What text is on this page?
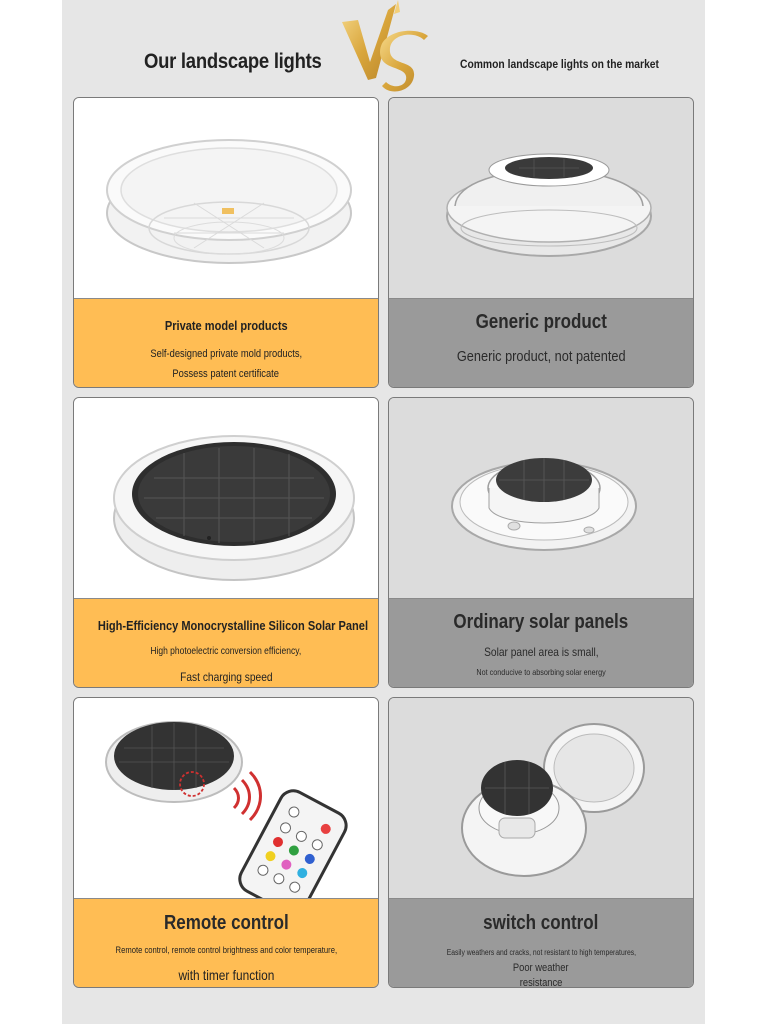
Our landscape lights	Common landscape lights on the market
Private model products
Self-designed private mold products,
Possess patent certificate
Generic product
Generic product, not patented
High-Efficiency Monocrystalline Silicon Solar Panel
High photoelectric conversion efficiency,
Fast charging speed
Ordinary solar panels
Solar panel area is small,
Not conducive to absorbing solar energy
Remote control
Remote control, remote control brightness and color temperature,
with timer function
switch control
Easily weathers and cracks, not resistant to high temperatures,
Poor weather
resistance
